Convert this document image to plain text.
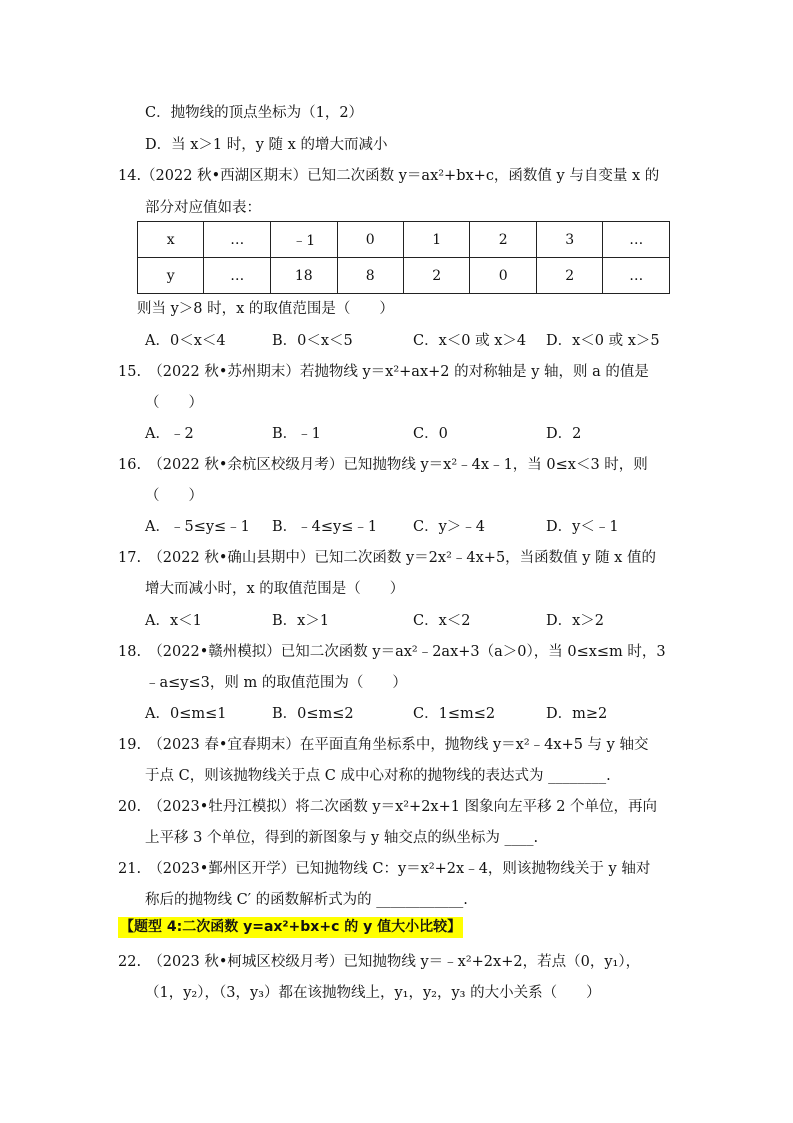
C．抛物线的顶点坐标为（1，2）
D．当 x＞1 时，y 随 x 的增大而减小
14.（2022 秋•西湖区期末）已知二次函数 y＝ax²+bx+c，函数值 y 与自变量 x 的
部分对应值如表：
x	…	﹣1	0	1	2	3	…
y	…	18	8	2	0	2	…
则当 y＞8 时，x 的取值范围是（　　）
A．0＜x＜4	B．0＜x＜5	C．x＜0 或 x＞4 D．x＜0 或 x＞5
15.　（2022 秋•苏州期末）若抛物线 y＝x²+ax+2 的对称轴是 y 轴，则 a 的值是
（　　）
A．﹣2	B．﹣1	C．0	D．2
16.　（2022 秋•余杭区校级月考）已知抛物线 y＝x²﹣4x﹣1，当 0≤x＜3 时，则
（　　）
A．﹣5≤y≤﹣1 B．﹣4≤y≤﹣1 C．y＞﹣4	D．y＜﹣1
17.　（2022 秋•确山县期中）已知二次函数 y＝2x²﹣4x+5，当函数值 y 随 x 值的
增大而减小时，x 的取值范围是（　　）
A．x＜1	B．x＞1	C．x＜2	D．x＞2
18.　（2022•赣州模拟）已知二次函数 y＝ax²﹣2ax+3（a＞0），当 0≤x≤m 时，3
﹣a≤y≤3，则 m 的取值范围为（　　）
A．0≤m≤1	B．0≤m≤2	C．1≤m≤2	D．m≥2
19.　（2023 春•宜春期末）在平面直角坐标系中，抛物线 y＝x²﹣4x+5 与 y 轴交
于点 C，则该抛物线关于点 C 成中心对称的抛物线的表达式为 ________.
20.　（2023•牡丹江模拟）将二次函数 y＝x²+2x+1 图象向左平移 2 个单位，再向
上平移 3 个单位，得到的新图象与 y 轴交点的纵坐标为 ____.
21.　（2023•鄞州区开学）已知抛物线 C：y＝x²+2x﹣4，则该抛物线关于 y 轴对
称后的抛物线 C′ 的函数解析式为的 ____________.
【题型 4:二次函数 y=ax²+bx+c 的 y 值大小比较】
22.　（2023 秋•柯城区校级月考）已知抛物线 y＝﹣x²+2x+2，若点（0，y₁），
（1，y₂），（3，y₃）都在该抛物线上，y₁，y₂，y₃ 的大小关系（　　）
